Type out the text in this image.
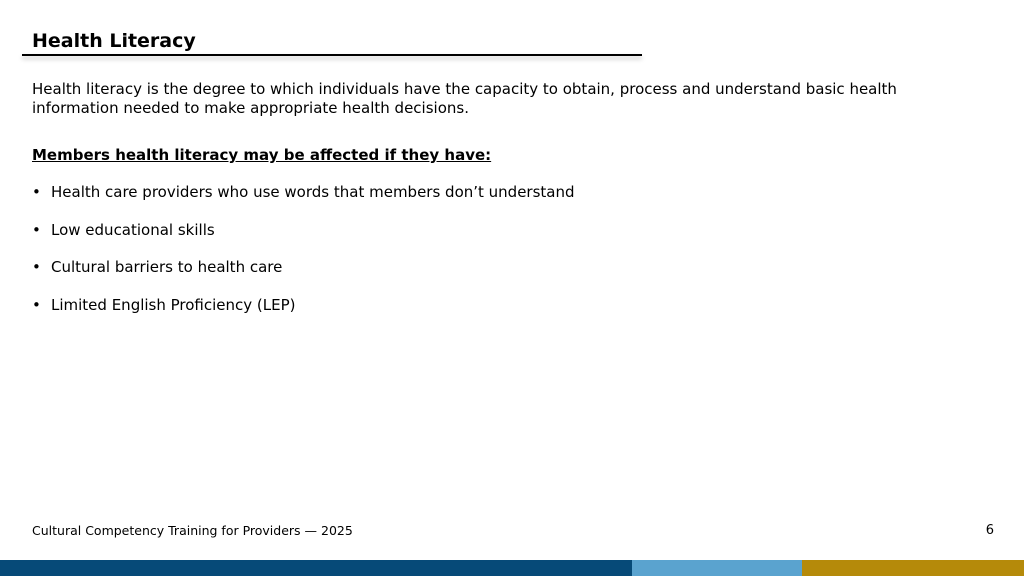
Health Literacy

Health literacy is the degree to which individuals have the capacity to obtain, process and understand basic health information needed to make appropriate health decisions.

Members health literacy may be affected if they have:

• Health care providers who use words that members don’t understand
• Low educational skills
• Cultural barriers to health care
• Limited English Proficiency (LEP)
Cultural Competency Training for Providers — 2025	6
